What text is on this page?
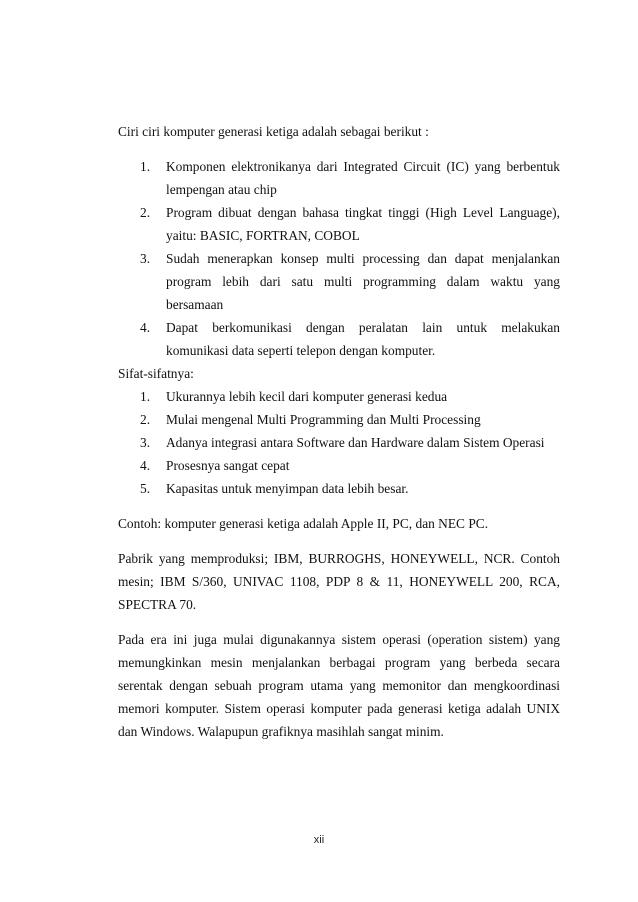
Ciri ciri komputer generasi ketiga adalah sebagai berikut :

1.	Komponen elektronikanya dari Integrated Circuit (IC) yang berbentuk lempengan atau chip
2.	Program dibuat dengan bahasa tingkat tinggi (High Level Language), yaitu: BASIC, FORTRAN, COBOL
3.	Sudah menerapkan konsep multi processing dan dapat menjalankan program lebih dari satu multi programming dalam waktu yang bersamaan
4.	Dapat berkomunikasi dengan peralatan lain untuk melakukan komunikasi data seperti telepon dengan komputer.

Sifat-sifatnya:

1.	Ukurannya lebih kecil dari komputer generasi kedua
2.	Mulai mengenal Multi Programming dan Multi Processing
3.	Adanya integrasi antara Software dan Hardware dalam Sistem Operasi
4.	Prosesnya sangat cepat
5.	Kapasitas untuk menyimpan data lebih besar.

Contoh: komputer generasi ketiga adalah Apple II, PC, dan NEC PC.

Pabrik yang memproduksi; IBM, BURROGHS, HONEYWELL, NCR. Contoh mesin; IBM S/360, UNIVAC 1108, PDP 8 & 11, HONEYWELL 200, RCA, SPECTRA 70.

Pada era ini juga mulai digunakannya sistem operasi (operation sistem) yang memungkinkan mesin menjalankan berbagai program yang berbeda secara serentak dengan sebuah program utama yang memonitor dan mengkoordinasi memori komputer. Sistem operasi komputer pada generasi ketiga adalah UNIX dan Windows. Walapupun grafiknya masihlah sangat minim.

xii
